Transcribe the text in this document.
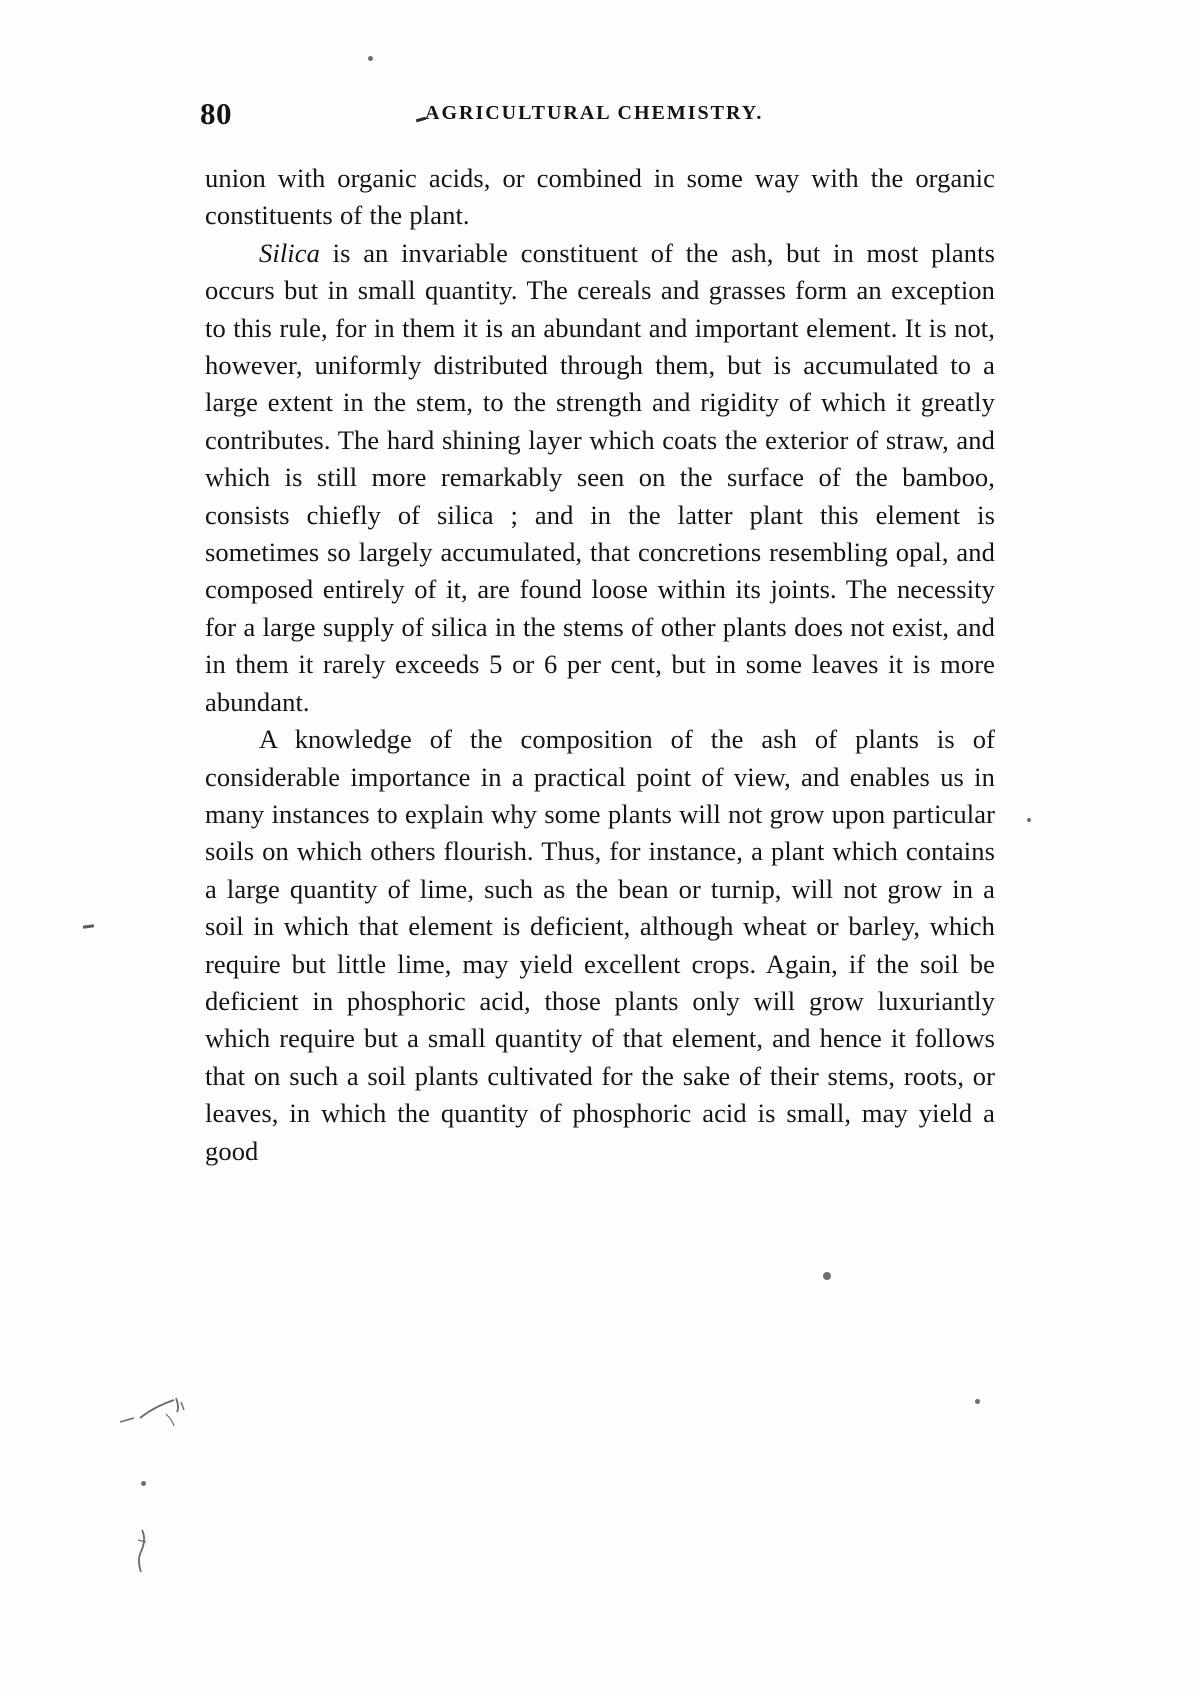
80	AGRICULTURAL CHEMISTRY.

union with organic acids, or combined in some way with the organic constituents of the plant.

Silica is an invariable constituent of the ash, but in most plants occurs but in small quantity. The cereals and grasses form an exception to this rule, for in them it is an abundant and important element. It is not, however, uniformly distributed through them, but is accumulated to a large extent in the stem, to the strength and rigidity of which it greatly contributes. The hard shining layer which coats the exterior of straw, and which is still more remarkably seen on the surface of the bamboo, consists chiefly of silica ; and in the latter plant this element is sometimes so largely accumulated, that concretions resembling opal, and composed entirely of it, are found loose within its joints. The necessity for a large supply of silica in the stems of other plants does not exist, and in them it rarely exceeds 5 or 6 per cent, but in some leaves it is more abundant.

A knowledge of the composition of the ash of plants is of considerable importance in a practical point of view, and enables us in many instances to explain why some plants will not grow upon particular soils on which others flourish. Thus, for instance, a plant which contains a large quantity of lime, such as the bean or turnip, will not grow in a soil in which that element is deficient, although wheat or barley, which require but little lime, may yield excellent crops. Again, if the soil be deficient in phosphoric acid, those plants only will grow luxuriantly which require but a small quantity of that element, and hence it follows that on such a soil plants cultivated for the sake of their stems, roots, or leaves, in which the quantity of phosphoric acid is small, may yield a good
